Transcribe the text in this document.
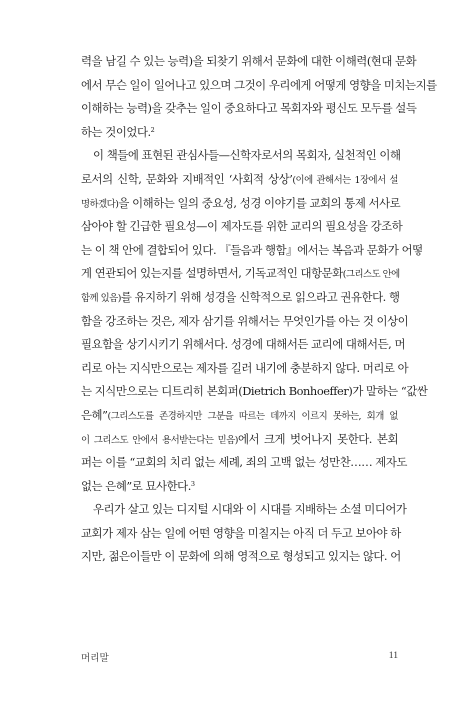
력을 남길 수 있는 능력)을 되찾기 위해서 문화에 대한 이해력(현대 문화
에서 무슨 일이 일어나고 있으며 그것이 우리에게 어떻게 영향을 미치는지를
이해하는 능력)을 갖추는 일이 중요하다고 목회자와 평신도 모두를 설득
하는 것이었다.$^2$
이 책들에 표현된 관심사들—신학자로서의 목회자, 실천적인 이해
로서의 신학, 문화와 지배적인 ‘사회적 상상’(이에 관해서는 1장에서 설
명하겠다)을 이해하는 일의 중요성, 성경 이야기를 교회의 통제 서사로
삼아야 할 긴급한 필요성—이 제자도를 위한 교리의 필요성을 강조하
는 이 책 안에 결합되어 있다. 『들음과 행함』에서는 복음과 문화가 어떻
게 연관되어 있는지를 설명하면서, 기독교적인 대항문화(그리스도 안에
함께 있음)를 유지하기 위해 성경을 신학적으로 읽으라고 권유한다. 행
함을 강조하는 것은, 제자 삼기를 위해서는 무엇인가를 아는 것 이상이
필요함을 상기시키기 위해서다. 성경에 대해서든 교리에 대해서든, 머
리로 아는 지식만으로는 제자를 길러 내기에 충분하지 않다. 머리로 아
는 지식만으로는 디트리히 본회퍼(Dietrich Bonhoeffer)가 말하는 “값싼
은혜”(그리스도를 존경하지만 그분을 따르는 데까지 이르지 못하는, 회개 없
이 그리스도 안에서 용서받는다는 믿음)에서 크게 벗어나지 못한다. 본회
퍼는 이를 “교회의 치리 없는 세례, 죄의 고백 없는 성만찬…… 제자도
없는 은혜”로 묘사한다.$^3$
우리가 살고 있는 디지털 시대와 이 시대를 지배하는 소셜 미디어가
교회가 제자 삼는 일에 어떤 영향을 미칠지는 아직 더 두고 보아야 하
지만, 젊은이들만 이 문화에 의해 영적으로 형성되고 있지는 않다. 어
머리말	11
